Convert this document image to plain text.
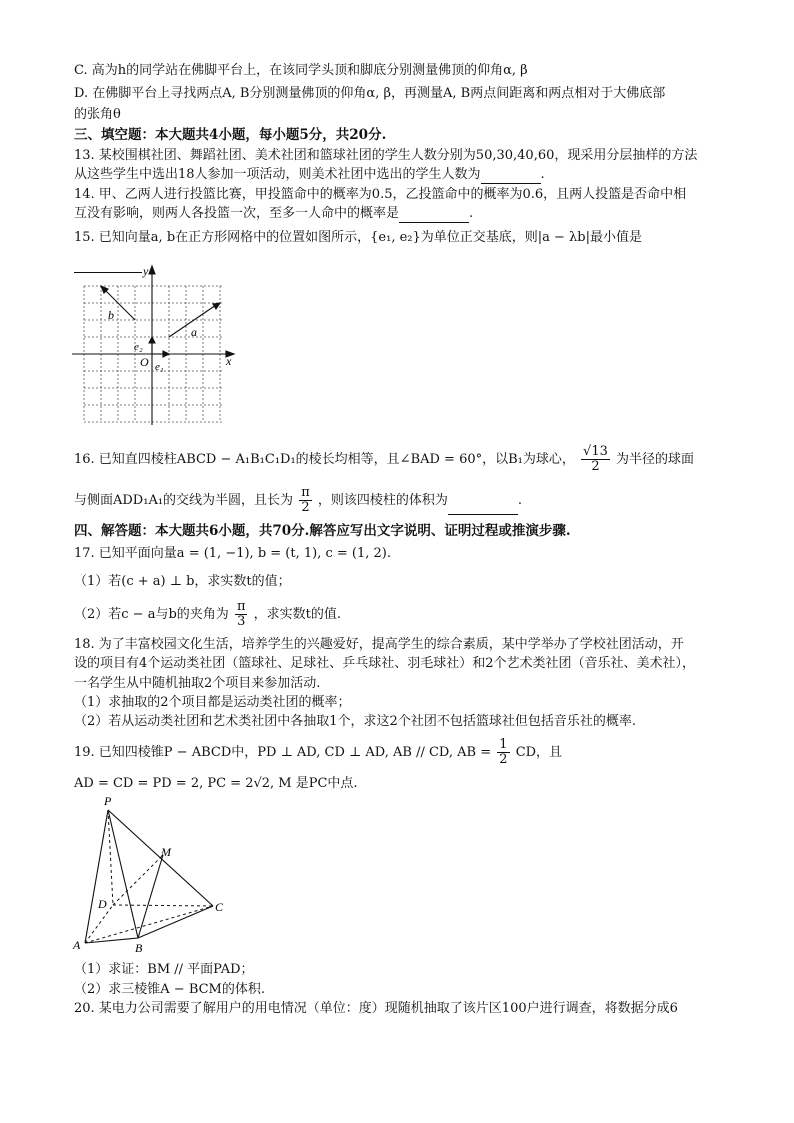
C. 高为h的同学站在佛脚平台上，在该同学头顶和脚底分别测量佛顶的仰角α, β
D. 在佛脚平台上寻找两点A, B分别测量佛顶的仰角α, β，再测量A, B两点间距离和两点相对于大佛底部
的张角θ
三、填空题：本大题共4小题，每小题5分，共20分.
13. 某校围棋社团、舞蹈社团、美术社团和篮球社团的学生人数分别为50,30,40,60，现采用分层抽样的方法
从这些学生中选出18人参加一项活动，则美术社团中选出的学生人数为	.
14. 甲、乙两人进行投篮比赛，甲投篮命中的概率为0.5，乙投篮命中的概率为0.6，且两人投篮是否命中相
互没有影响，则两人各投篮一次，至多一人命中的概率是	.
15. 已知向量a, b在正方形网格中的位置如图所示，{e₁, e₂}为单位正交基底，则|a − λb|最小值是
x
y
O
b
a
e₁
e₂
16. 已知直四棱柱ABCD − A₁B₁C₁D₁的棱长均相等，且∠BAD = 60°，以B₁为球心， $\frac{√13}{2}$ 为半径的球面
与侧面ADD₁A₁的交线为半圆，且长为 $\frac{\pi}{2}$ ，则该四棱柱的体积为	.
四、解答题：本大题共6小题，共70分.解答应写出文字说明、证明过程或推演步骤.
17. 已知平面向量a = (1, −1), b = (t, 1), c = (1, 2).
（1）若(c + a) ⊥ b，求实数t的值；
（2）若c − a与b的夹角为 $\frac{\pi}{3}$ ，求实数t的值.
18. 为了丰富校园文化生活，培养学生的兴趣爱好，提高学生的综合素质，某中学举办了学校社团活动，开
设的项目有4个运动类社团（篮球社、足球社、乒乓球社、羽毛球社）和2个艺术类社团（音乐社、美术社），
一名学生从中随机抽取2个项目来参加活动.
（1）求抽取的2个项目都是运动类社团的概率；
（2）若从运动类社团和艺术类社团中各抽取1个，求这2个社团不包括篮球社但包括音乐社的概率.
19. 已知四棱锥P − ABCD中，PD ⊥ AD, CD ⊥ AD, AB // CD, AB = $\frac{1}{2}$ CD，且
AD = CD = PD = 2, PC = 2√2, M 是PC中点.
P
M
D	C
A	B
（1）求证：BM // 平面PAD；
（2）求三棱锥A − BCM的体积.
20. 某电力公司需要了解用户的用电情况（单位：度）现随机抽取了该片区100户进行调查，将数据分成6
